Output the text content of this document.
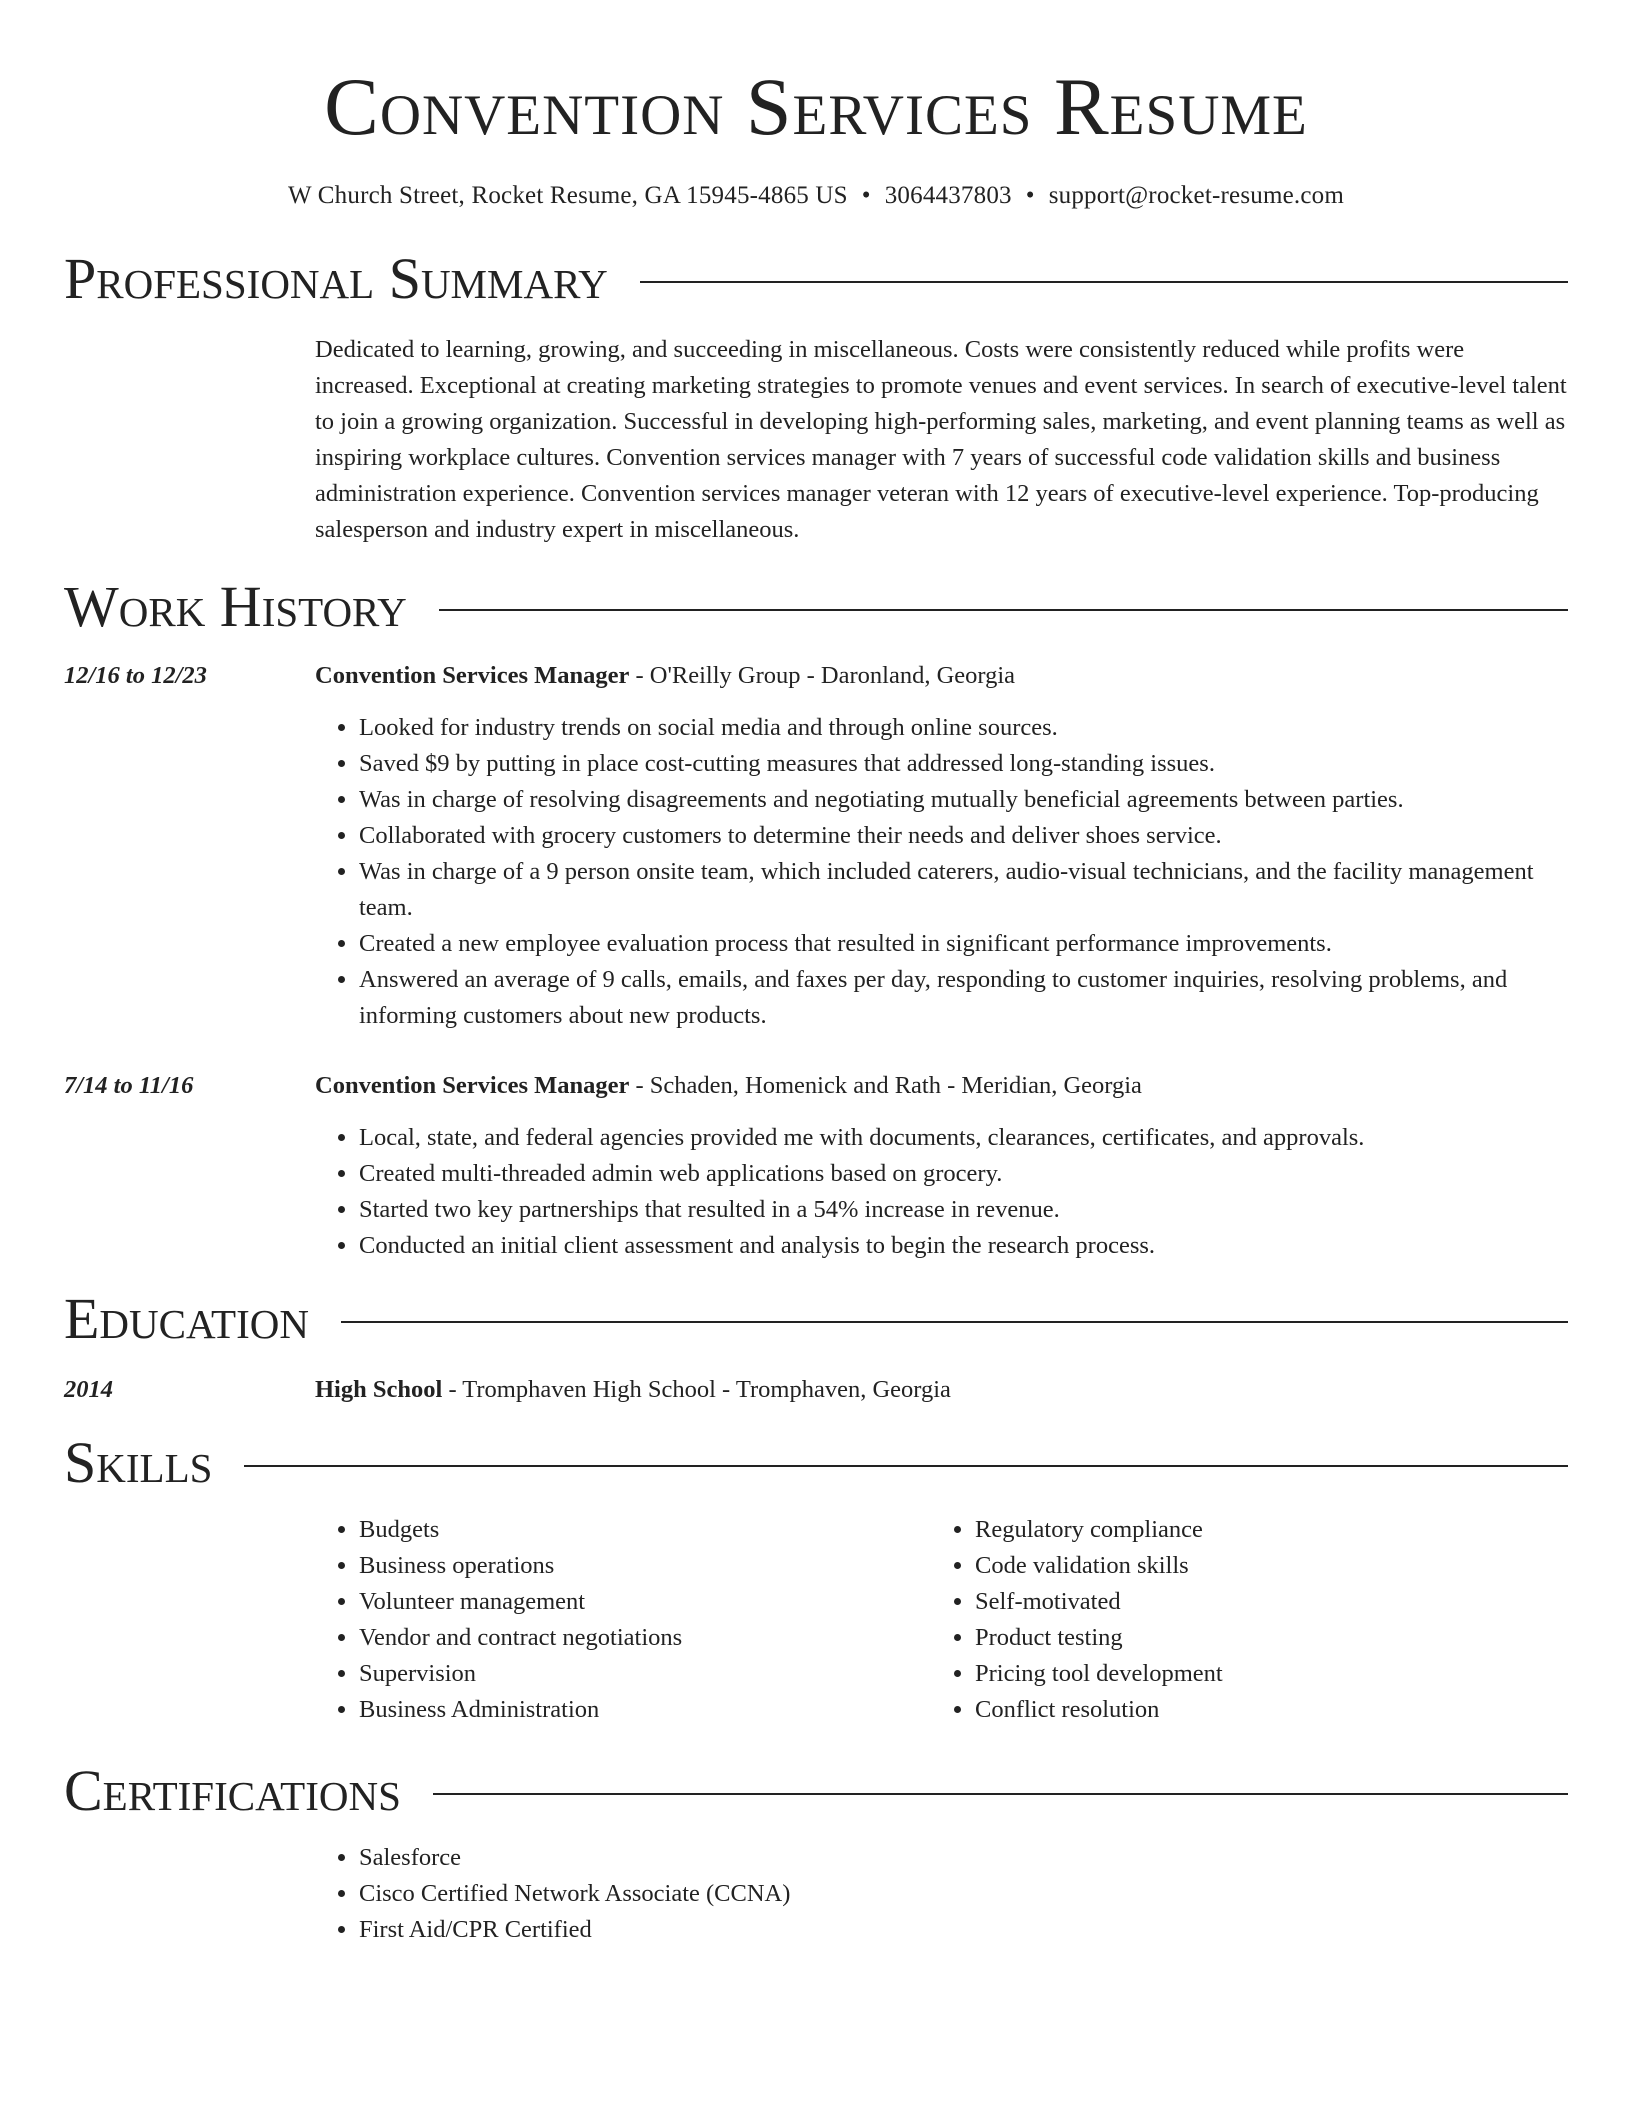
Convention Services Resume
W Church Street, Rocket Resume, GA 15945-4865 US • 3064437803 • support@rocket-resume.com
Professional Summary
Dedicated to learning, growing, and succeeding in miscellaneous. Costs were consistently reduced while profits were increased. Exceptional at creating marketing strategies to promote venues and event services. In search of executive-level talent to join a growing organization. Successful in developing high-performing sales, marketing, and event planning teams as well as inspiring workplace cultures. Convention services manager with 7 years of successful code validation skills and business administration experience. Convention services manager veteran with 12 years of executive-level experience. Top-producing salesperson and industry expert in miscellaneous.
Work History
12/16 to 12/23	Convention Services Manager - O'Reilly Group - Daronland, Georgia
• Looked for industry trends on social media and through online sources.
• Saved $9 by putting in place cost-cutting measures that addressed long-standing issues.
• Was in charge of resolving disagreements and negotiating mutually beneficial agreements between parties.
• Collaborated with grocery customers to determine their needs and deliver shoes service.
• Was in charge of a 9 person onsite team, which included caterers, audio-visual technicians, and the facility management team.
• Created a new employee evaluation process that resulted in significant performance improvements.
• Answered an average of 9 calls, emails, and faxes per day, responding to customer inquiries, resolving problems, and informing customers about new products.
7/14 to 11/16	Convention Services Manager - Schaden, Homenick and Rath - Meridian, Georgia
• Local, state, and federal agencies provided me with documents, clearances, certificates, and approvals.
• Created multi-threaded admin web applications based on grocery.
• Started two key partnerships that resulted in a 54% increase in revenue.
• Conducted an initial client assessment and analysis to begin the research process.
Education
2014	High School - Tromphaven High School - Tromphaven, Georgia
Skills
• Budgets
• Business operations
• Volunteer management
• Vendor and contract negotiations
• Supervision
• Business Administration
• Regulatory compliance
• Code validation skills
• Self-motivated
• Product testing
• Pricing tool development
• Conflict resolution
Certifications
• Salesforce
• Cisco Certified Network Associate (CCNA)
• First Aid/CPR Certified
